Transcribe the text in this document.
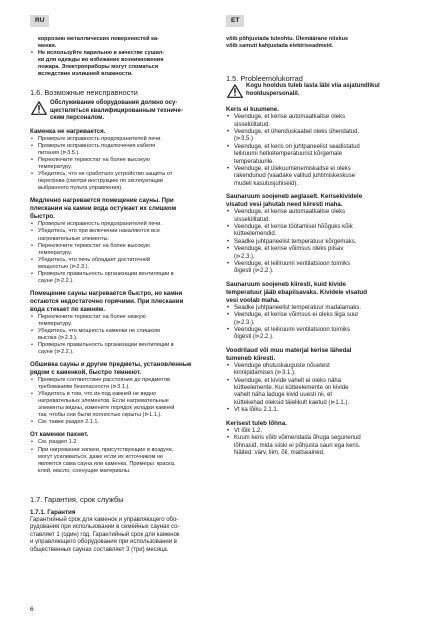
RU	ET

коррозию металлических поверхностей ка-
менки.

• Не используйте парильню в качестве сушил-
ки для одежды во избежание возникновения
пожара. Электроприборы могут сломаться
вследствие излишней влажности.
1.6. Возможные неисправности

Обслуживание оборудования должно осу-
ществляться квалифицированным техниче-
ским персоналом.

Каменка не нагревается.
• Проверьте исправность предохранителей печи.
• Проверьте исправность подключения кабеля
питания (⊳3.5.).
• Переключите термостат на более высокую
температуру.
• Убедитесь, что не сработало устройство защиты от
перегрева (смотри инструкцию по эксплуатации
выбранного пульта управления).
Медленно нагревается помещение сауны. При
плескании на камни вода остужает их слишком
быстро.
• Проверьте исправность предохранителей печи.
• Убедитесь, что при включении накаляются все
нагревательные элементы.
• Переключите термостат на более высокую
температуру.
• Убедитесь, что печь обладает достаточной
мощностью (⊳2.3.).
• Проверьте правильность организации вентиляции в
сауне (⊳2.2.).
Помещение сауны нагревается быстро, но камни
остаются недостаточно горячими. При плескании
вода стекает по камням.
• Переключите термостат на более низкую
температуру.
• Убедитесь, что мощность каменки не слишком
высока (⊳2.3.).
• Проверьте правильность организации вентиляции в
сауне (⊳2.2.).
Обшивка сауны и другие предметы, установленные
рядом с каменкой, быстро темнеют.
• Проверьте соответствие расстояния до предметов
требованиям безопасности (⊳3.1.).
• Убедитесь в том, что из-под камней не видно
нагревательных элементов. Если нагревательные
элементы видны, измените порядок укладки камней
так, чтобы они были полностью скрыты (⊳1.1.).
• См. также раздел 2.1.1.
От каменки пахнет.
• См. раздел 1.2.
• При нагревании запахи, присутствующие в воздухе,
могут усиливаться, даже если их источником не
является сама сауна или каменка. Примеры: краска,
клей, масло, соенущие материалы.
1.7. Гарантия, срок службы
1.7.1. Гарантия

Гарантийный срок для каменок и управляющего обо-
рудования при использовании в семейных саунах со-
ставляет 1 (один) год. Гарантийный срок для каменок
и управляющего оборудования при использовании в
общественных саунах составляет 3 (три) месяца.

võib põhjustada tuleohtu. Ülemäärane niiskus
võib samuti kahjustada elektriseadmeid.

1.5. Probleemolukorrad

Kogu hooldus tuleb lasta läbi viia asjatundlikul
hoolduspersonalil.

Keris ei kuumene.
• Veenduge, et kerise automaatkaitse oleks
sisselülitatud.
• Veenduge, et ühenduskaabel oleks ühendatud.
(⊳3.5.)
• Veenduge, et keris on juhtpaneelist seadistatud
leiliruumi hetketemperatuurist kõrgemale
temperatuurile.
• Veenduge, et ülekuumenemiskaitse ei oleks
rakendunud (vaadake valitud juhtimiskeskuse
mudeli kasutusjuhiseid).
Saunaruum soojeneb aeglaselt. Kerisekividele
visatud vesi jahutab need kiiresti maha.
• Veenduge, et kerise automaatkaitse oleks
sisselülitatud.
• Veenduge, et kerise töötamisel hõõguks kõik
kütteelemendid.
• Seadke juhtpaneelist temperatuur kõrgemaks.
• Veenduge, et kerise võimsus oleks piisav
(⊳2.3.).
• Veenduge, et leiliruumi ventilatsioon toimiks
õigesti (⊳2.2.).
Saunaruum soojeneb kiiresti, kuid kivide
temperatuur jääb ebapiisavaks. Kividele visatud
vesi voolab maha.
• Seadke juhtpaneelist temperatuur madalamaks.
• Veenduge, et kerise võimsus ei oleks liiga suur
(⊳2.3.).
• Veenduge, et leiliruumi ventilatsioon toimiks
õigesti (⊳2.2.).
Voodrilaud või muu materjal kerise lähedal
tumeneb kiiresti.
• Veenduge ohutuskauguste nõuetest
kinnipidamises (⊳3.1.).
• Veenduge, et kivide vahelt ei oleks näha
kütteelemente. Kui kütteelemente on kivide
vahelt näha laduge kivid uuesti nii, et
küttekehad oleksid täielikult kaetud (⊳1.1.).
• Vt ka lõiku 2.1.1.
Kerisest tuleb lõhna.
• Vt lõik 1.2.
• Kuum keris võib võimendada õhuga segunenud
lõhnasid, mida siiski ei põhjusta saun ega keris.
Näited: värv, liim, õli, maitseained.
6
